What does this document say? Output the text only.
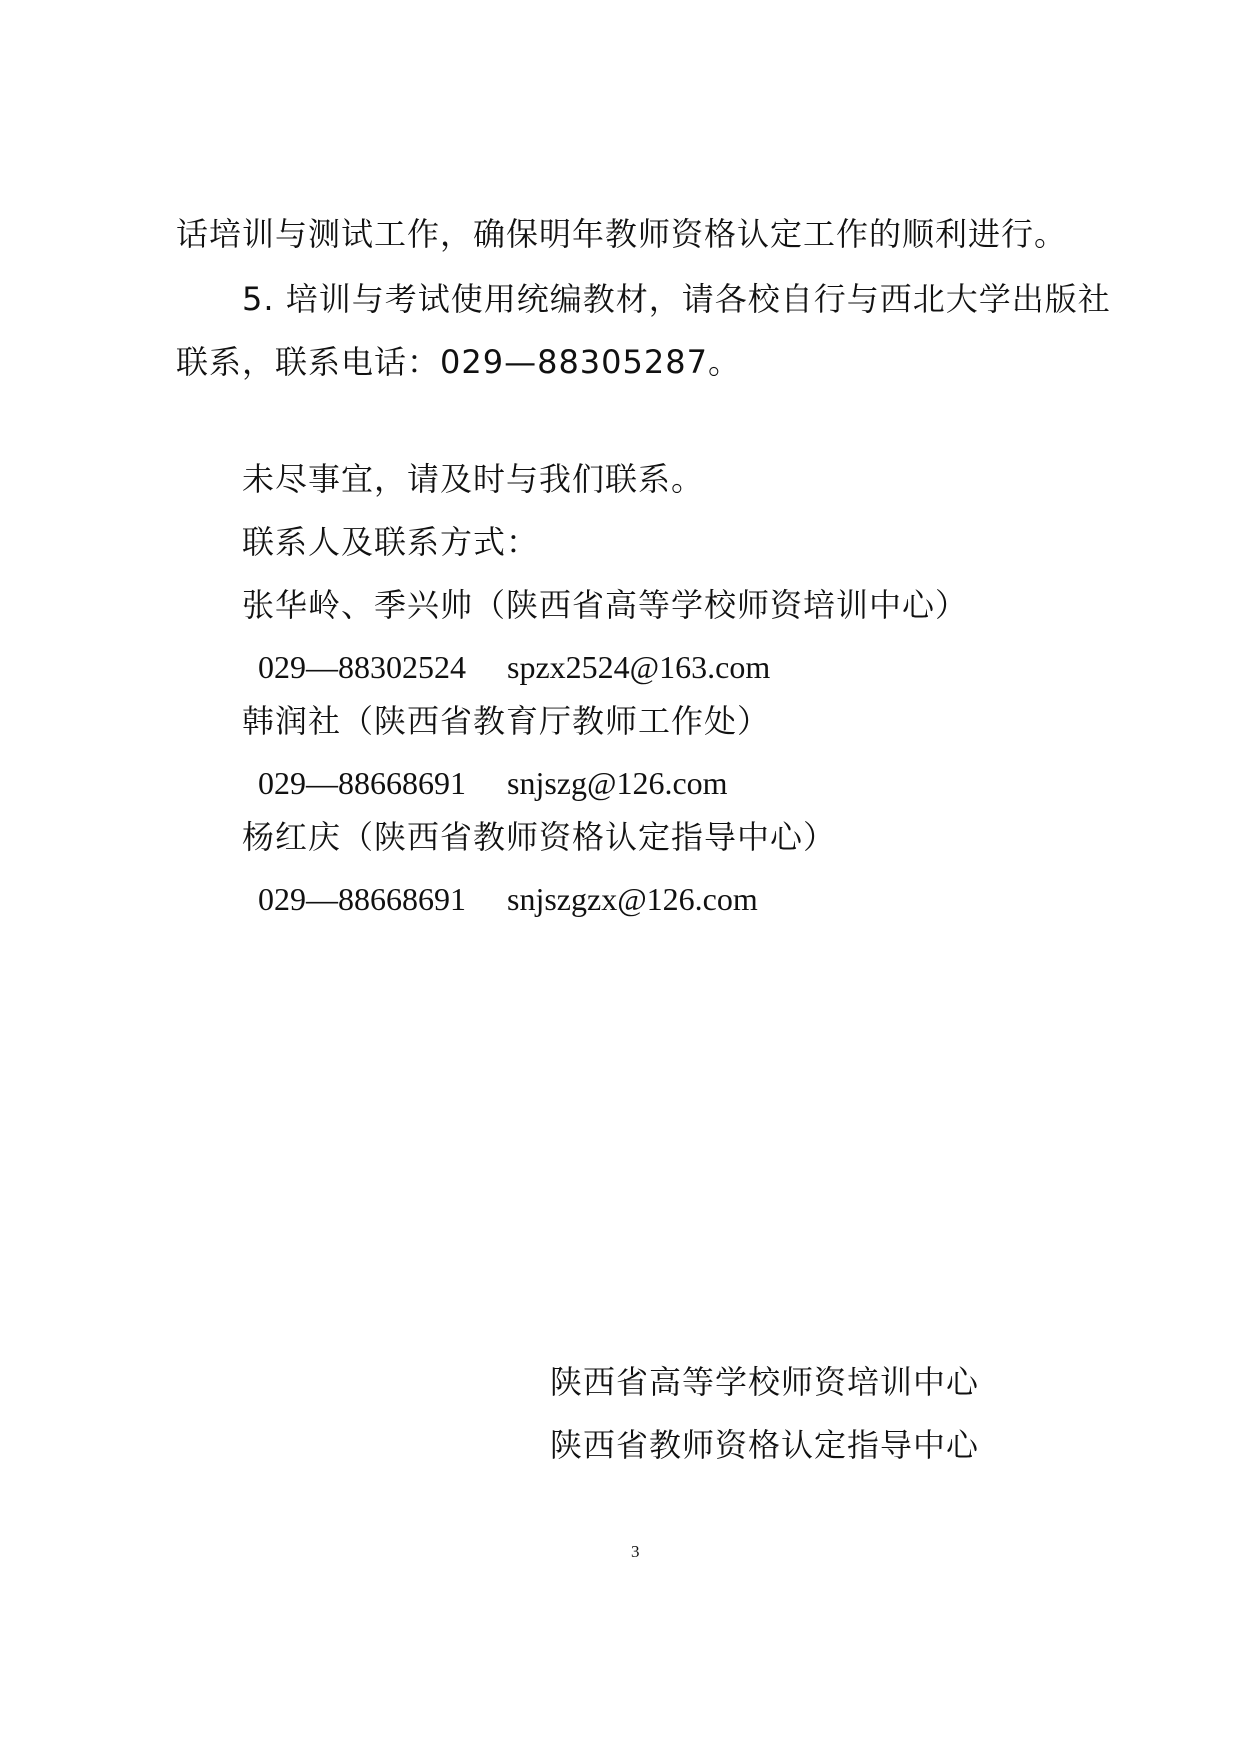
话培训与测试工作，确保明年教师资格认定工作的顺利进行。
5. 培训与考试使用统编教材，请各校自行与西北大学出版社
联系，联系电话：029—88305287。
未尽事宜，请及时与我们联系。
联系人及联系方式：
张华岭、季兴帅（陕西省高等学校师资培训中心）
029—88302524 spzx2524@163.com
韩润社（陕西省教育厅教师工作处）
029—88668691 snjszg@126.com
杨红庆（陕西省教师资格认定指导中心）
029—88668691 snjszgzx@126.com
陕西省高等学校师资培训中心
陕西省教师资格认定指导中心
3
